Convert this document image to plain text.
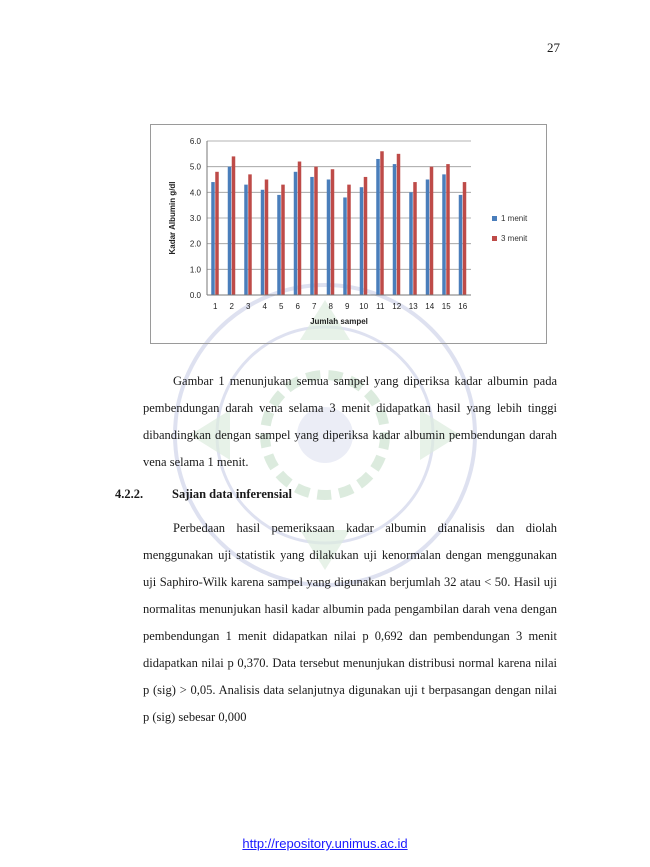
27
0.0
1.0
2.0
3.0
4.0
5.0
6.0
1 2 3 4 5 6 7 8 9 10 11 12 13 14 15 16
Jumlah sampel
Kadar Albumin g/dl	1 menit
3 menit

Gambar 1 menunjukan semua sampel yang diperiksa kadar albumin pada pembendungan darah vena selama 3 menit didapatkan hasil yang lebih tinggi dibandingkan dengan sampel yang diperiksa kadar albumin pembendungan darah vena selama 1 menit.

4.2.2. Sajian data inferensial

Perbedaan hasil pemeriksaan kadar albumin dianalisis dan diolah menggunakan uji statistik yang dilakukan uji kenormalan dengan menggunakan uji Saphiro-Wilk karena sampel yang digunakan berjumlah 32 atau < 50. Hasil uji normalitas menunjukan hasil kadar albumin pada pengambilan darah vena dengan pembendungan 1 menit didapatkan nilai p 0,692 dan pembendungan 3 menit didapatkan nilai p 0,370. Data tersebut menunjukan distribusi normal karena nilai p (sig) > 0,05. Analisis data selanjutnya digunakan uji t berpasangan dengan nilai p (sig) sebesar 0,000

http://repository.unimus.ac.id
